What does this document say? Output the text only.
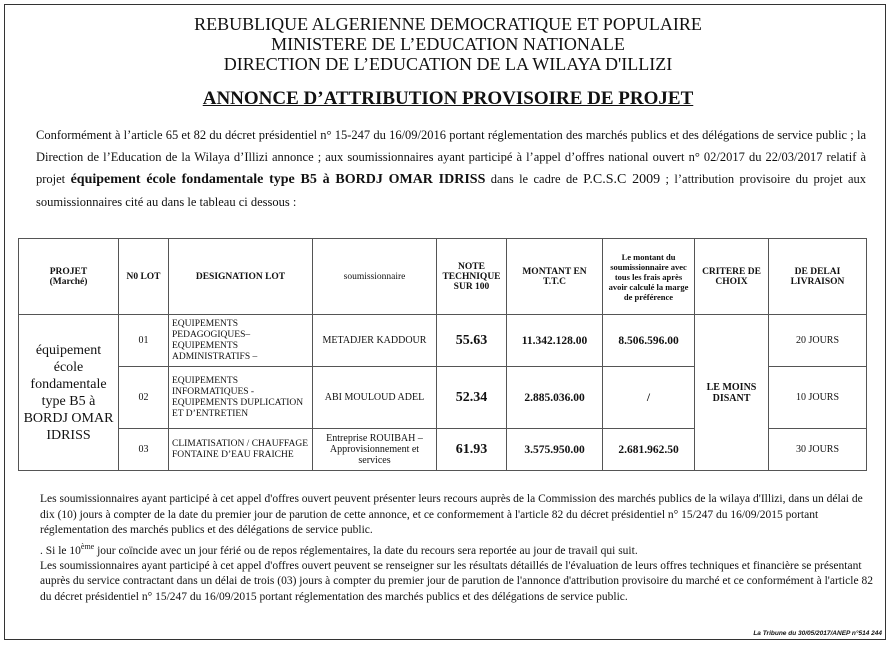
REBUBLIQUE ALGERIENNE DEMOCRATIQUE ET POPULAIRE
MINISTERE DE L’EDUCATION NATIONALE
DIRECTION DE L’EDUCATION DE LA WILAYA D'ILLIZI
ANNONCE D’ATTRIBUTION PROVISOIRE DE PROJET
Conformément à l’article 65 et 82 du décret présidentiel n° 15-247 du 16/09/2016 portant réglementation des marchés publics et des délégations de service public ; la Direction de l’Education de la Wilaya d’Illizi annonce ; aux soumissionnaires ayant participé à l’appel d’offres national ouvert n° 02/2017 du 22/03/2017 relatif à projet équipement école fondamentale type B5 à BORDJ OMAR IDRISS dans le cadre de P.C.S.C 2009 ; l’attribution provisoire du projet aux soumissionnaires cité au dans le tableau ci dessous :
PROJET
(Marché)	N0 LOT	DESIGNATION LOT	soumissionnaire	NOTE TECHNIQUE SUR 100	MONTANT EN T.T.C	Le montant du soumissionnaire avec tous les frais après avoir calculé la marge de préférence	CRITERE DE CHOIX	DE DELAI LIVRAISON
équipement école fondamentale type B5 à BORDJ OMAR IDRISS	01	EQUIPEMENTS PEDAGOGIQUES– EQUIPEMENTS ADMINISTRATIFS –	METADJER KADDOUR	55.63	11.342.128.00	8.506.596.00	LE MOINS DISANT	20 JOURS
	02	EQUIPEMENTS INFORMATIQUES - EQUIPEMENTS DUPLICATION ET D’ENTRETIEN	ABI MOULOUD ADEL	52.34	2.885.036.00	/		10 JOURS
	03	CLIMATISATION / CHAUFFAGE FONTAINE D’EAU FRAICHE	Entreprise ROUIBAH – Approvisionnement et services	61.93	3.575.950.00	2.681.962.50		30 JOURS

Les soumissionnaires ayant participé à cet appel d'offres ouvert peuvent présenter leurs recours auprès de la Commission des marchés publics de la wilaya d'Illizi, dans un délai de dix (10) jours à compter de la date du premier jour de parution de cette annonce, et ce conformement à l'article 82 du décret présidentiel n° 15/247 du 16/09/2015 portant réglementation des marchés publics et des délégations de service public.

. Si le 10ème jour coïncide avec un jour férié ou de repos réglementaires, la date du recours sera reportée au jour de travail qui suit.

Les soumissionnaires ayant participé à cet appel d'offres ouvert peuvent se renseigner sur les résultats détaillés de l'évaluation de leurs offres techniques et financière se présentant auprès du service contractant dans un délai de trois (03) jours à compter du premier jour de parution de l'annonce d'attribution provisoire du marché et ce conformément à l'article 82 du décret présidentiel n° 15/247 du 16/09/2015 portant réglementation des marchés publics et des délégations de service public.

La Tribune du 30/05/2017/ANEP n°514 244
